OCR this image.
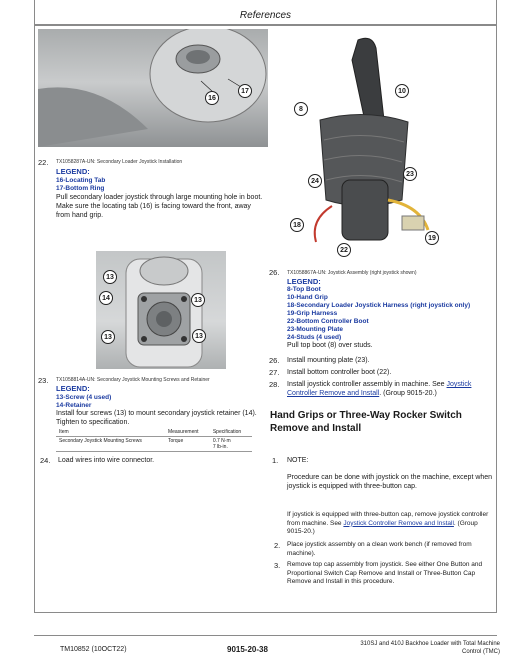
References
16
17
22. TX1058287A-UN: Secondary Loader Joystick Installation
LEGEND:
16-Locating Tab
17-Bottom Ring
Pull secondary loader joystick through large mounting hole in boot. Make sure the locating tab (16) is facing toward the front, away from hand grip.
13
14	13
13	13
23. TX1058814A-UN: Secondary Joystick Mounting Screws and Retainer
LEGEND:
13-Screw (4 used)
14-Retainer
Install four screws (13) to mount secondary joystick retainer (14). Tighten to specification.
Item	Measurement	Specification
Secondary Joystick Mounting Screws	Torque	0.7 N·m
7 lb-in.
24. Load wires into wire connector.
8
10
24
23
18
19
22
26. TX1058867A-UN: Joystick Assembly (right joystick shown)
LEGEND:
8-Top Boot
10-Hand Grip
18-Secondary Loader Joystick Harness (right joystick only)
19-Grip Harness
22-Bottom Controller Boot
23-Mounting Plate
24-Studs (4 used)
Pull top boot (8) over studs.
26. Install mounting plate (23).
27. Install bottom controller boot (22).
28. Install joystick controller assembly in machine. See Joystick Controller Remove and Install. (Group 9015-20.)
Hand Grips or Three-Way Rocker Switch
Remove and Install
1. NOTE:
Procedure can be done with joystick on the machine, except when joystick is equipped with three-button cap.
If joystick is equipped with three-button cap, remove joystick controller from machine. See Joystick Controller Remove and Install. (Group 9015-20.)
2. Place joystick assembly on a clean work bench (if removed from machine).
3. Remove top cap assembly from joystick. See either One Button and Proportional Switch Cap Remove and Install or Three-Button Cap Remove and Install in this procedure.
TM10852 (10OCT22)	9015-20-38
310SJ and 410J Backhoe Loader with Total Machine
Control (TMC)
